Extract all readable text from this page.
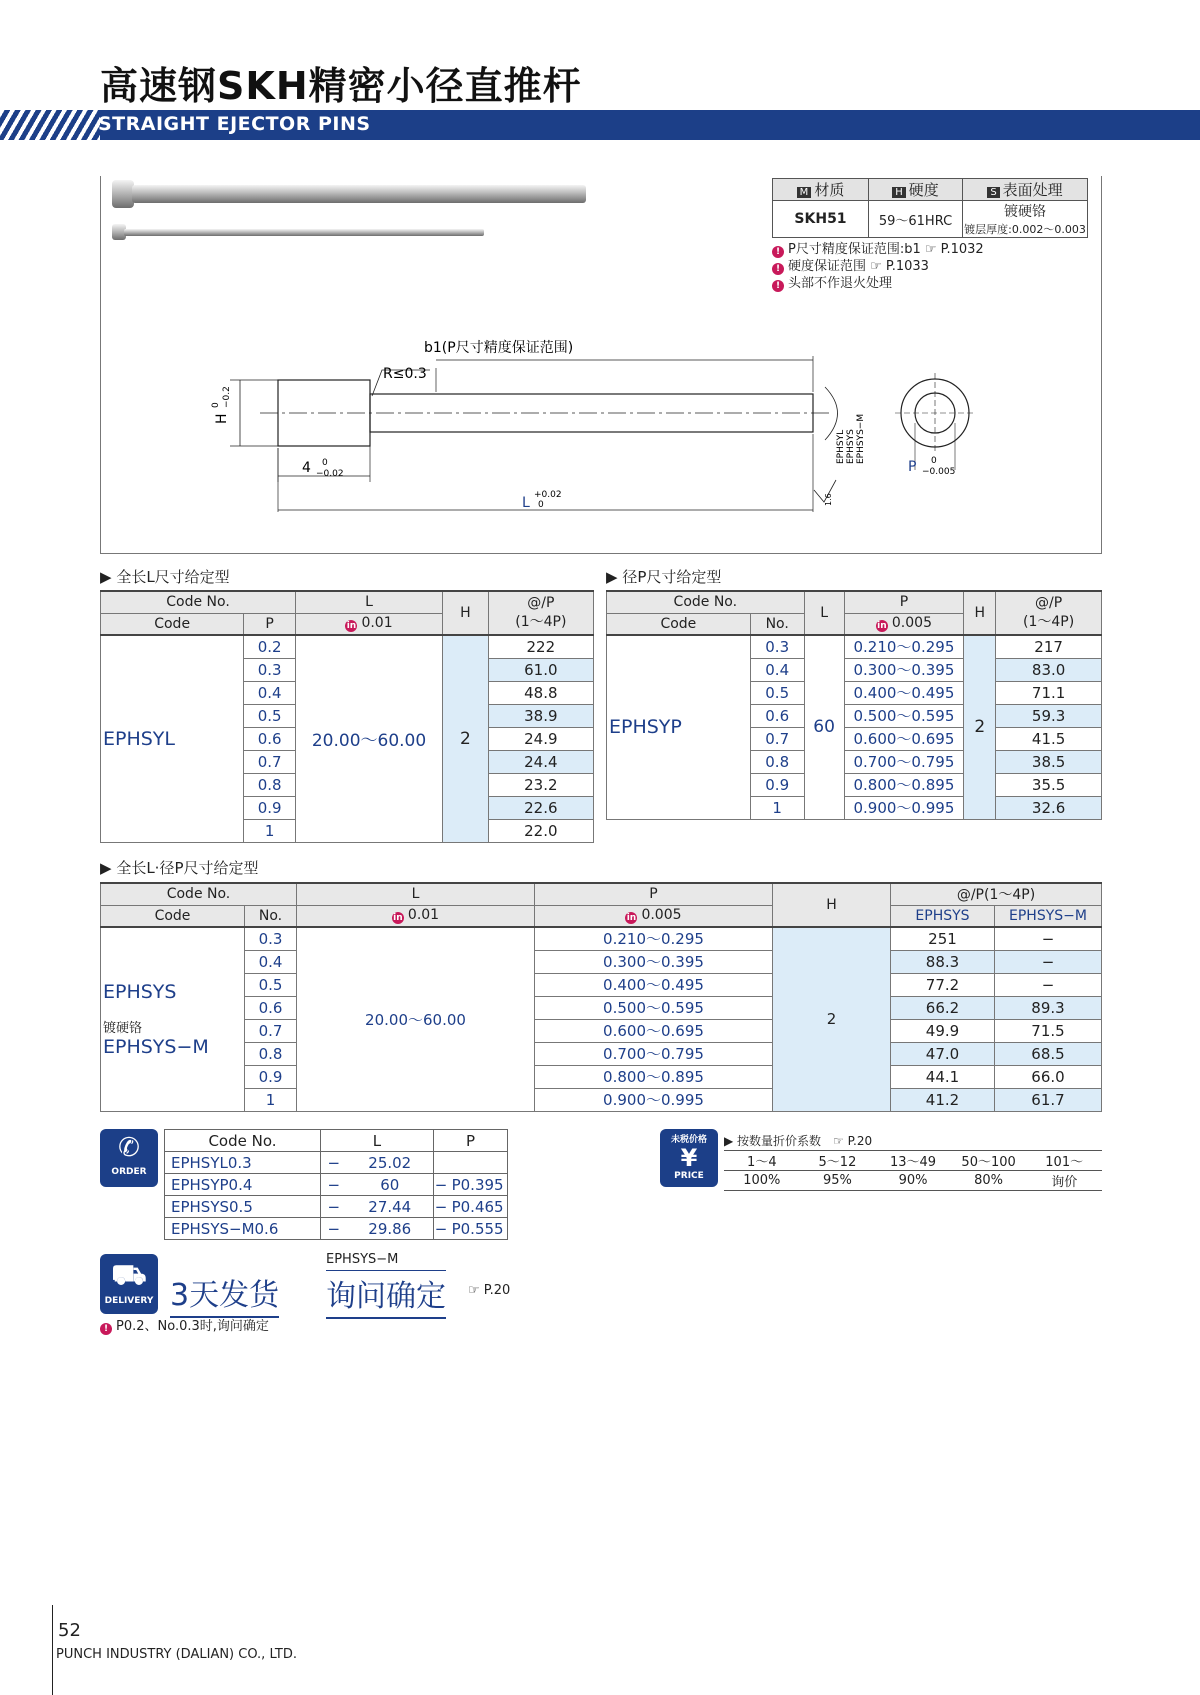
高速钢SKH精密小径直推杆
STRAIGHT EJECTOR PINS
M 材质	H 硬度	S 表面处理
SKH51	59～61HRC	镀硬铬
镀层厚度:0.002～0.003
! P尺寸精度保证范围:b1 ☞ P.1032
! 硬度保证范围 ☞ P.1033
! 头部不作退火处理
b1(P尺寸精度保证范围)
R≤0.3
H
0 −0.2
4 0
−0.02
L +0.02
0
EPHSYL EPHSYS EPHSYS−M
1.6
P 0
−0.005
▶ 全长L尺寸给定型
Code No.		L	H	@/P
(1～4P)

Code	P	in 0.01		
EPHSYL	0.2	20.00～60.00	2	222
	0.3			61.0
	0.4			48.8
	0.5			38.9
	0.6			24.9
	0.7			24.4
	0.8			23.2
	0.9			22.6
	1			22.0
▶ 径P尺寸给定型
Code No.		L	P	H	@/P
(1～4P)

Code	No.		in 0.005		
EPHSYP	0.3	60	0.210～0.295	2	217
	0.4		0.300～0.395		83.0
	0.5		0.400～0.495		71.1
	0.6		0.500～0.595		59.3
	0.7		0.600～0.695		41.5
	0.8		0.700～0.795		38.5
	0.9		0.800～0.895		35.5
	1		0.900～0.995		32.6
▶ 全长L·径P尺寸给定型
Code No.		L	P	H	@/P(1～4P)	
Code	No.	in 0.01	in 0.005		EPHSYS	EPHSYS−M

EPHSYS
镀硬铬
EPHSYS−M	0.3	20.00～60.00	0.210～0.295	2	251	−
	0.4		0.300～0.395		88.3	−
	0.5		0.400～0.495		77.2	−
	0.6		0.500～0.595		66.2	89.3
	0.7		0.600～0.695		49.9	71.5
	0.8		0.700～0.795		47.0	68.5
	0.9		0.800～0.895		44.1	66.0
	1		0.900～0.995		41.2	61.7
✆
ORDER
Code No.	L		P	
EPHSYL0.3	−	25.02		
EPHSYP0.4	−	60	−	P0.395
EPHSYS0.5	−	27.44	−	P0.465
EPHSYS−M0.6	−	29.86	−	P0.555
未税价格
¥
PRICE
▶ 按数量折价系数　 ☞ P.20
1～4	5～12	13～49	50～100	101～
100%	95%	90%	80%	询价
⛟
DELIVERY 3天发货
EPHSYS−M
询问确定 ☞ P.20
! P0.2、No.0.3时,询问确定
52
PUNCH INDUSTRY (DALIAN) CO., LTD.
